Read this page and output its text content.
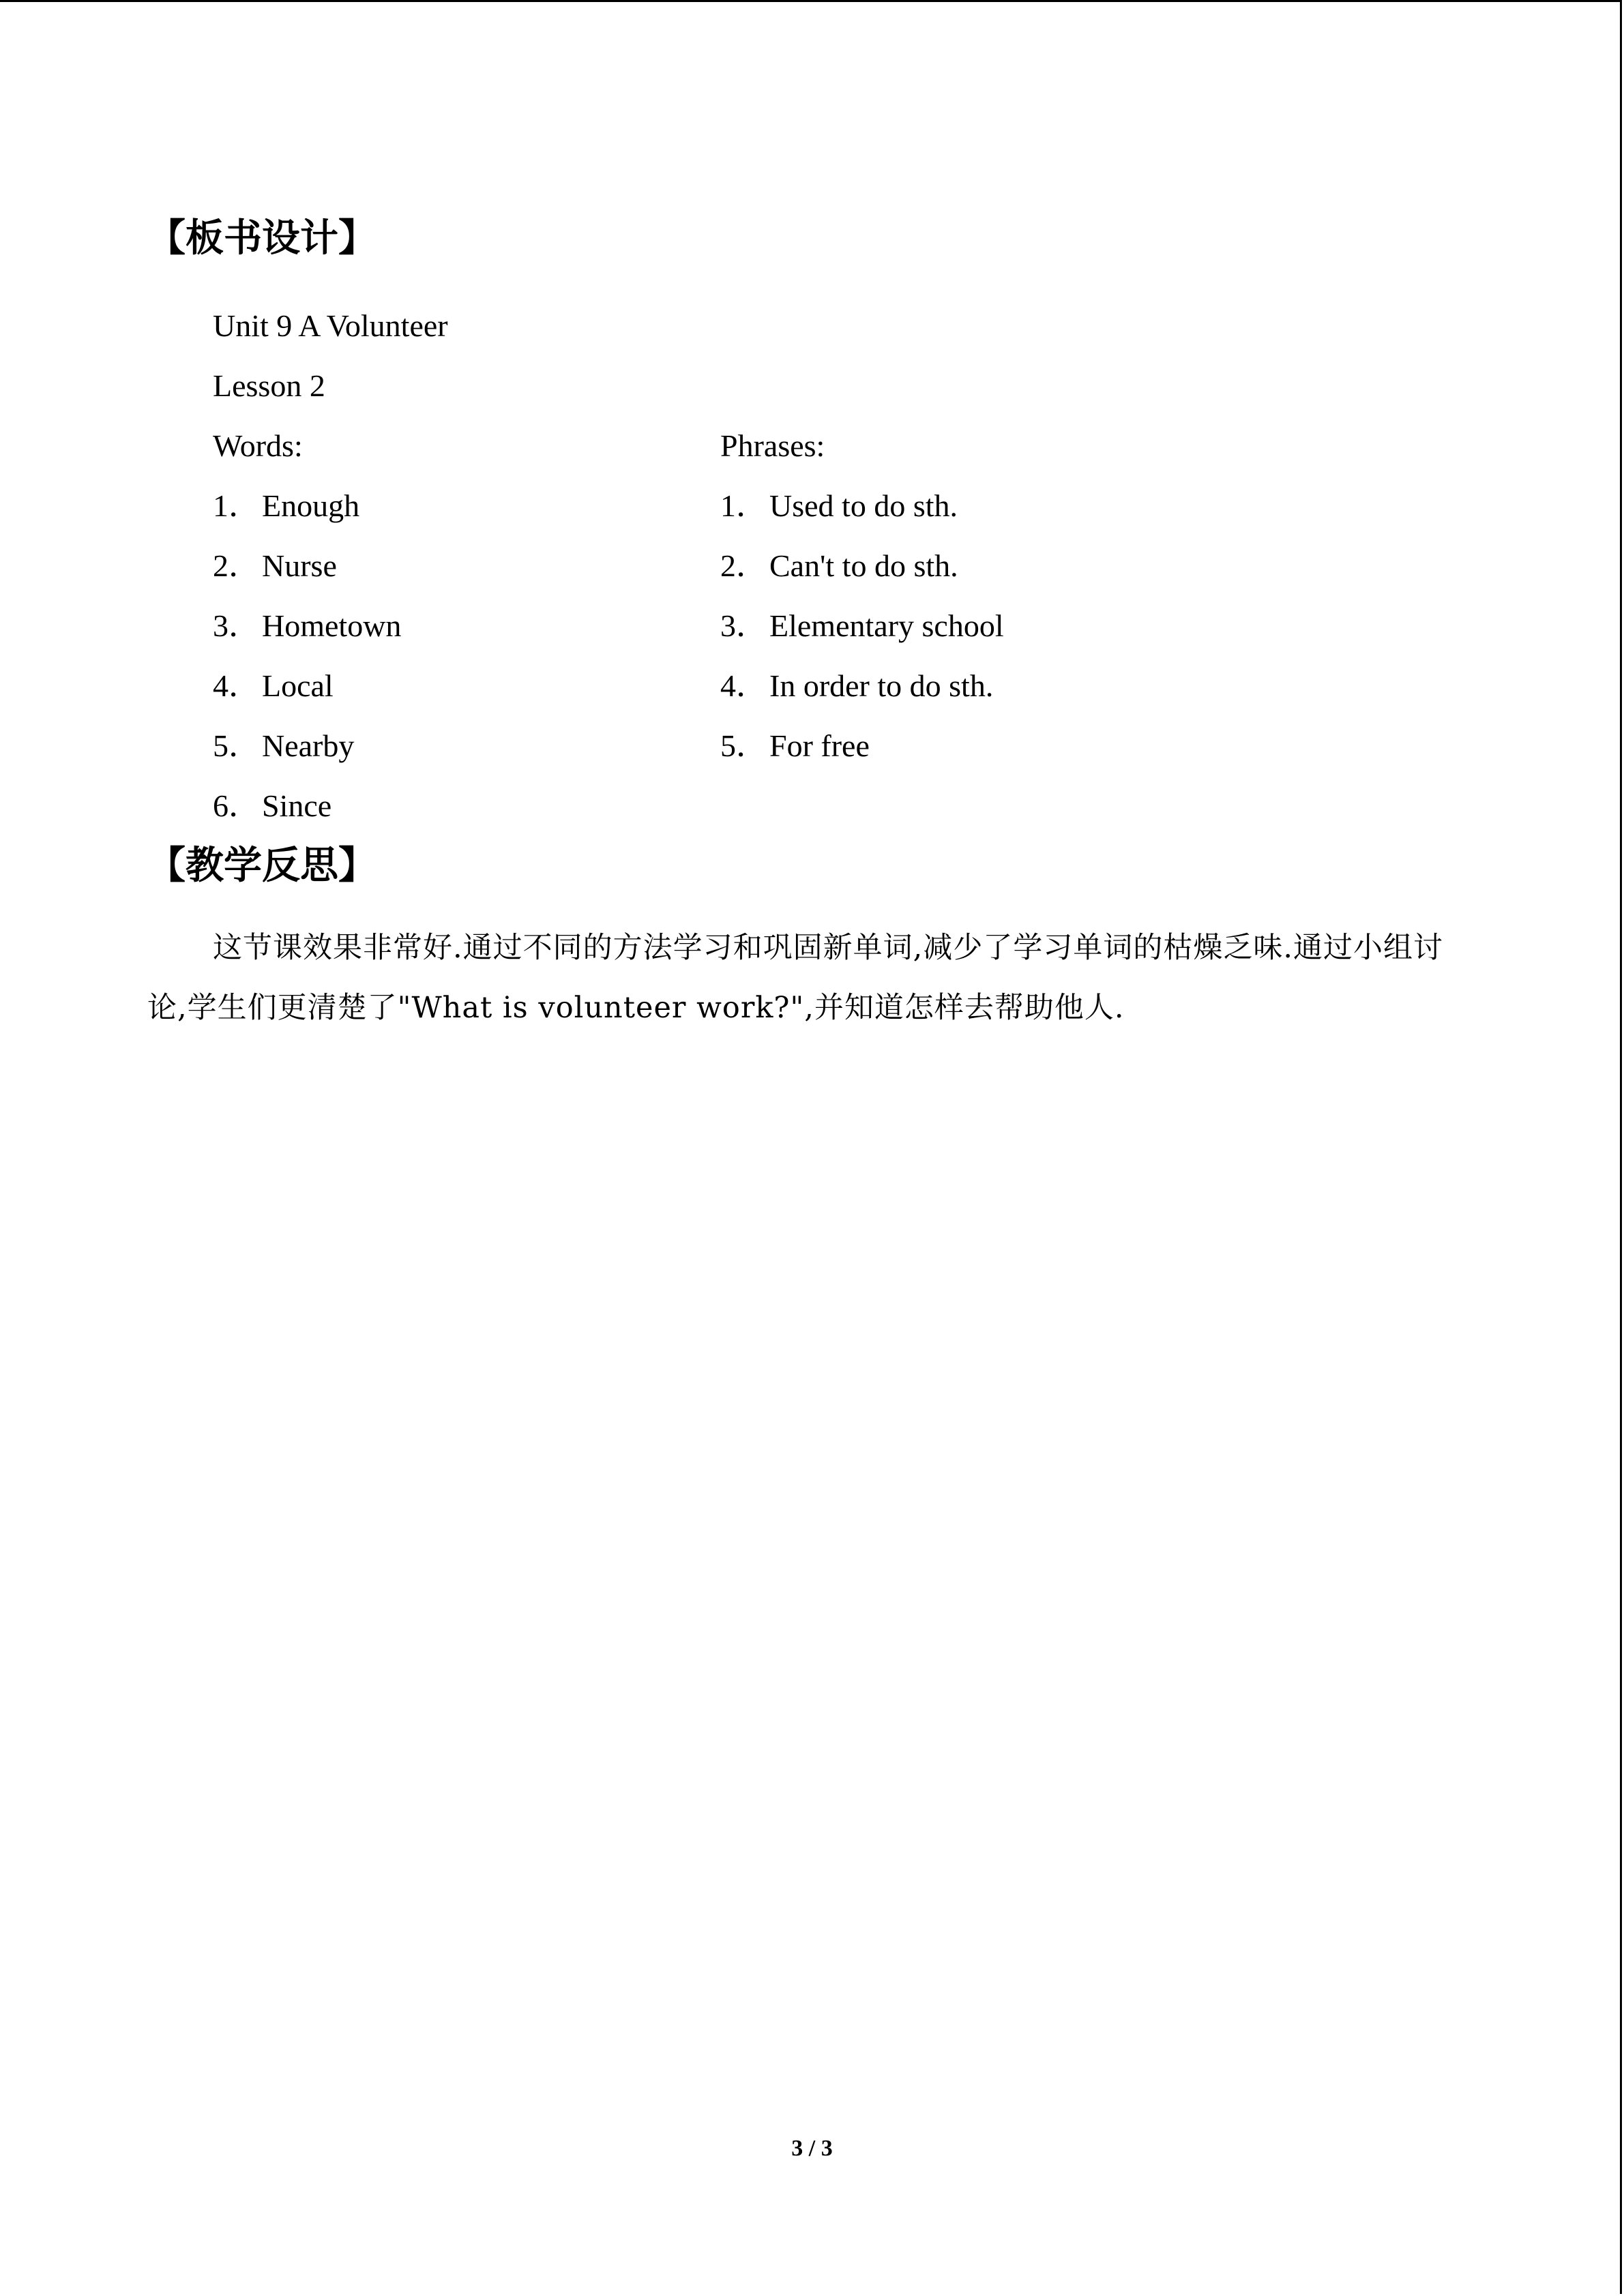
【板书设计】
Unit 9 A Volunteer
Lesson 2
Words:	Phrases:
1．Enough
2．Nurse
3．Hometown
4．Local
5．Nearby
6．Since
1．Used to do sth.
2．Can't to do sth.
3．Elementary school
4．In order to do sth.
5．For free
【教学反思】
这节课效果非常好.通过不同的方法学习和巩固新单词,减少了学习单词的枯燥乏味.通过小组讨论,学生们更清楚了"What is volunteer work?",并知道怎样去帮助他人.
3 / 3
